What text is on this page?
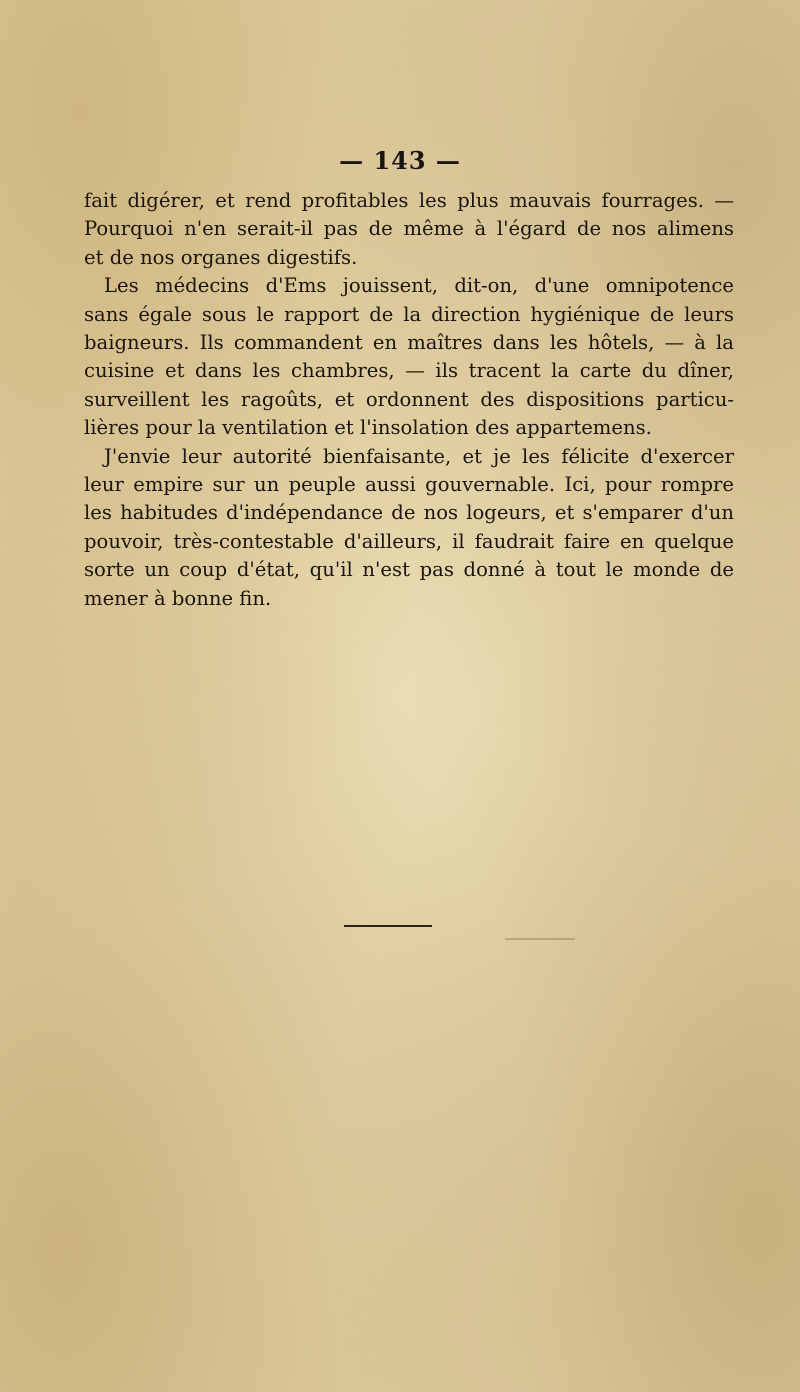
— 143 —
fait digérer, et rend profitables les plus mauvais fourrages. —
Pourquoi n'en serait-il pas de même à l'égard de nos alimens
et de nos organes digestifs.
Les médecins d'Ems jouissent, dit-on, d'une omnipotence
sans égale sous le rapport de la direction hygiénique de leurs
baigneurs. Ils commandent en maîtres dans les hôtels, — à la
cuisine et dans les chambres, — ils tracent la carte du dîner,
surveillent les ragoûts, et ordonnent des dispositions particu-
lières pour la ventilation et l'insolation des appartemens.
J'envie leur autorité bienfaisante, et je les félicite d'exercer
leur empire sur un peuple aussi gouvernable. Ici, pour rompre
les habitudes d'indépendance de nos logeurs, et s'emparer d'un
pouvoir, très-contestable d'ailleurs, il faudrait faire en quelque
sorte un coup d'état, qu'il n'est pas donné à tout le monde de
mener à bonne fin.
